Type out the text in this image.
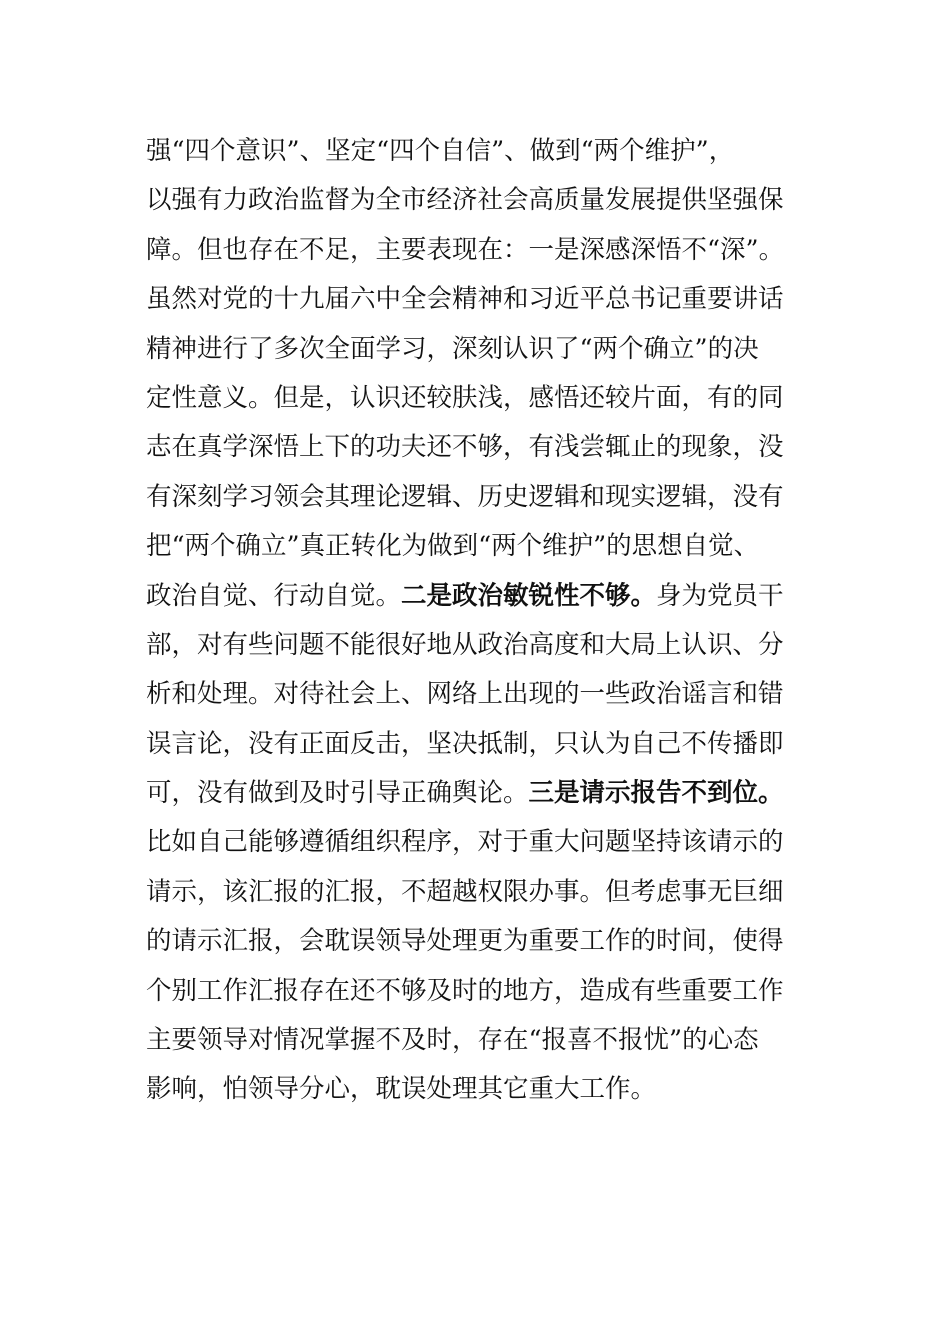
强“四个意识”、坚定“四个自信”、做到“两个维护”，
以强有力政治监督为全市经济社会高质量发展提供坚强保
障。但也存在不足，主要表现在：一是深感深悟不“深”。
虽然对党的十九届六中全会精神和习近平总书记重要讲话
精神进行了多次全面学习，深刻认识了“两个确立”的决
定性意义。但是，认识还较肤浅，感悟还较片面，有的同
志在真学深悟上下的功夫还不够，有浅尝辄止的现象，没
有深刻学习领会其理论逻辑、历史逻辑和现实逻辑，没有
把“两个确立”真正转化为做到“两个维护”的思想自觉、
政治自觉、行动自觉。二是政治敏锐性不够。身为党员干
部，对有些问题不能很好地从政治高度和大局上认识、分
析和处理。对待社会上、网络上出现的一些政治谣言和错
误言论，没有正面反击，坚决抵制，只认为自己不传播即
可，没有做到及时引导正确舆论。三是请示报告不到位。
比如自己能够遵循组织程序，对于重大问题坚持该请示的
请示，该汇报的汇报，不超越权限办事。但考虑事无巨细
的请示汇报，会耽误领导处理更为重要工作的时间，使得
个别工作汇报存在还不够及时的地方，造成有些重要工作
主要领导对情况掌握不及时，存在“报喜不报忧”的心态
影响，怕领导分心，耽误处理其它重大工作。
